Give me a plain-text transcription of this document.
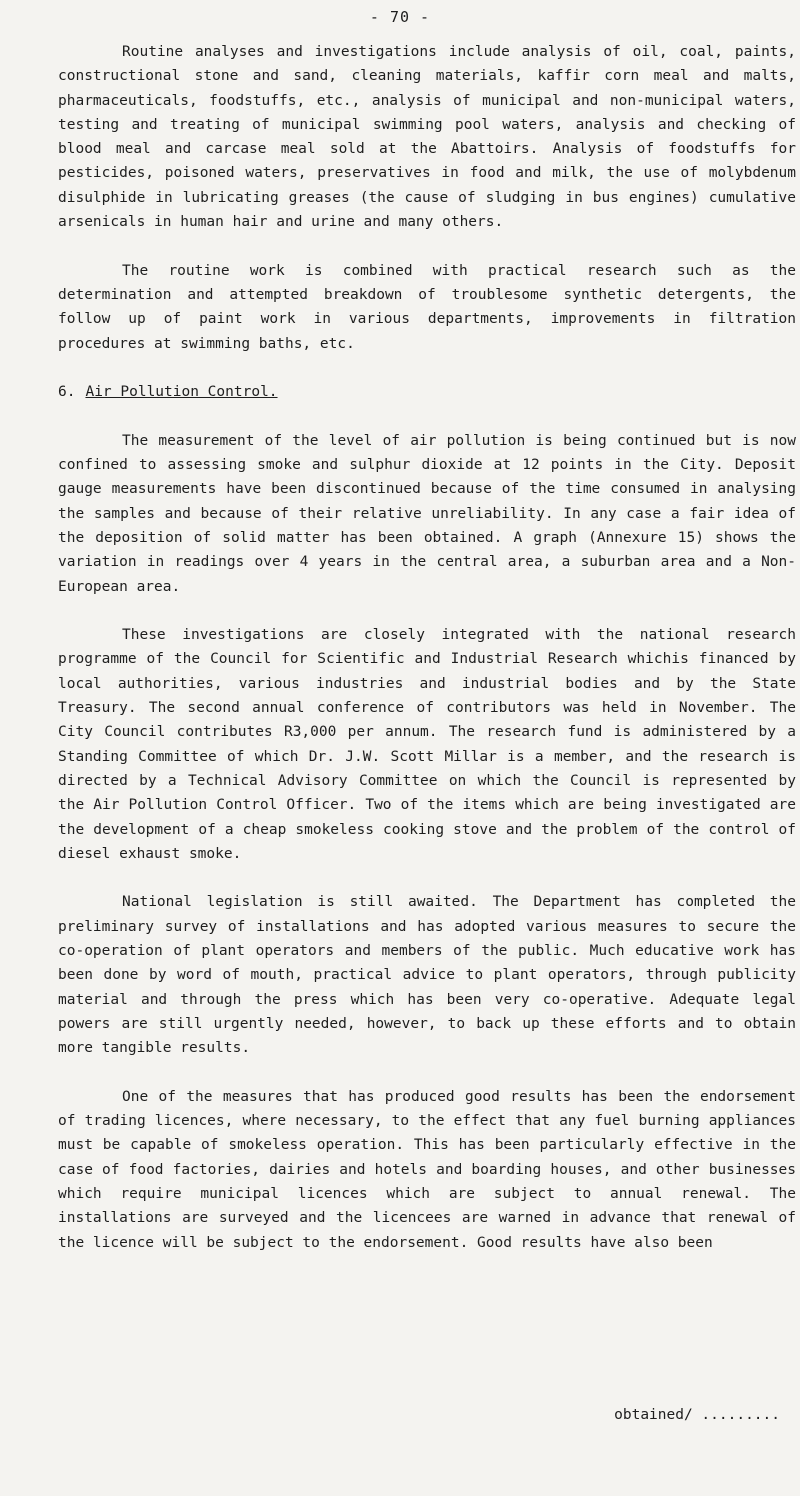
- 70 -

Routine analyses and investigations include analysis of oil, coal, paints, constructional stone and sand, cleaning materials, kaffir corn meal and malts, pharmaceuticals, foodstuffs, etc., analysis of municipal and non-municipal waters, testing and treating of municipal swimming pool waters, analysis and checking of blood meal and carcase meal sold at the Abattoirs. Analysis of foodstuffs for pesticides, poisoned waters, preservatives in food and milk, the use of molybdenum disulphide in lubricating greases (the cause of sludging in bus engines) cumulative arsenicals in human hair and urine and many others.

The routine work is combined with practical research such as the determination and attempted breakdown of troublesome synthetic detergents, the follow up of paint work in various departments, improvements in filtration procedures at swimming baths, etc.

6. Air Pollution Control.

The measurement of the level of air pollution is being continued but is now confined to assessing smoke and sulphur dioxide at 12 points in the City. Deposit gauge measurements have been discontinued because of the time consumed in analysing the samples and because of their relative unreliability. In any case a fair idea of the deposition of solid matter has been obtained. A graph (Annexure 15) shows the variation in readings over 4 years in the central area, a suburban area and a Non-European area.

These investigations are closely integrated with the national research programme of the Council for Scientific and Industrial Research whichis financed by local authorities, various industries and industrial bodies and by the State Treasury. The second annual conference of contributors was held in November. The City Council contributes R3,000 per annum. The research fund is administered by a Standing Committee of which Dr. J.W. Scott Millar is a member, and the research is directed by a Technical Advisory Committee on which the Council is represented by the Air Pollution Control Officer. Two of the items which are being investigated are the development of a cheap smokeless cooking stove and the problem of the control of diesel exhaust smoke.

National legislation is still awaited. The Department has completed the preliminary survey of installations and has adopted various measures to secure the co-operation of plant operators and members of the public. Much educative work has been done by word of mouth, practical advice to plant operators, through publicity material and through the press which has been very co-operative. Adequate legal powers are still urgently needed, however, to back up these efforts and to obtain more tangible results.

One of the measures that has produced good results has been the endorsement of trading licences, where necessary, to the effect that any fuel burning appliances must be capable of smokeless operation. This has been particularly effective in the case of food factories, dairies and hotels and boarding houses, and other businesses which require municipal licences which are subject to annual renewal. The installations are surveyed and the licencees are warned in advance that renewal of the licence will be subject to the endorsement. Good results have also been

obtained/ .........
